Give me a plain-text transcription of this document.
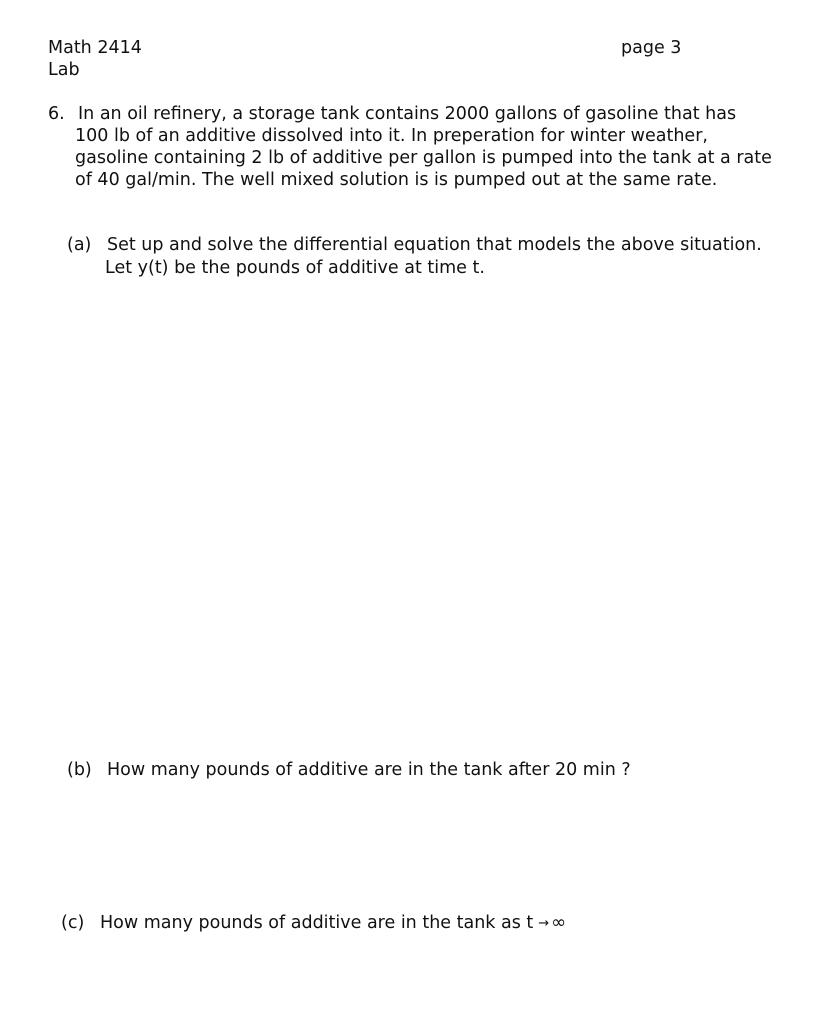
Math 2414
Lab
page 3
6. In an oil refinery, a storage tank contains 2000 gallons of gasoline that has
100 lb of an additive dissolved into it. In preperation for winter weather,
gasoline containing 2 lb of additive per gallon is pumped into the tank at a rate
of 40 gal/min. The well mixed solution is is pumped out at the same rate.
(a) Set up and solve the differential equation that models the above situation.
Let y(t) be the pounds of additive at time t.
(b) How many pounds of additive are in the tank after 20 min ?
(c) How many pounds of additive are in the tank as t → ∞
